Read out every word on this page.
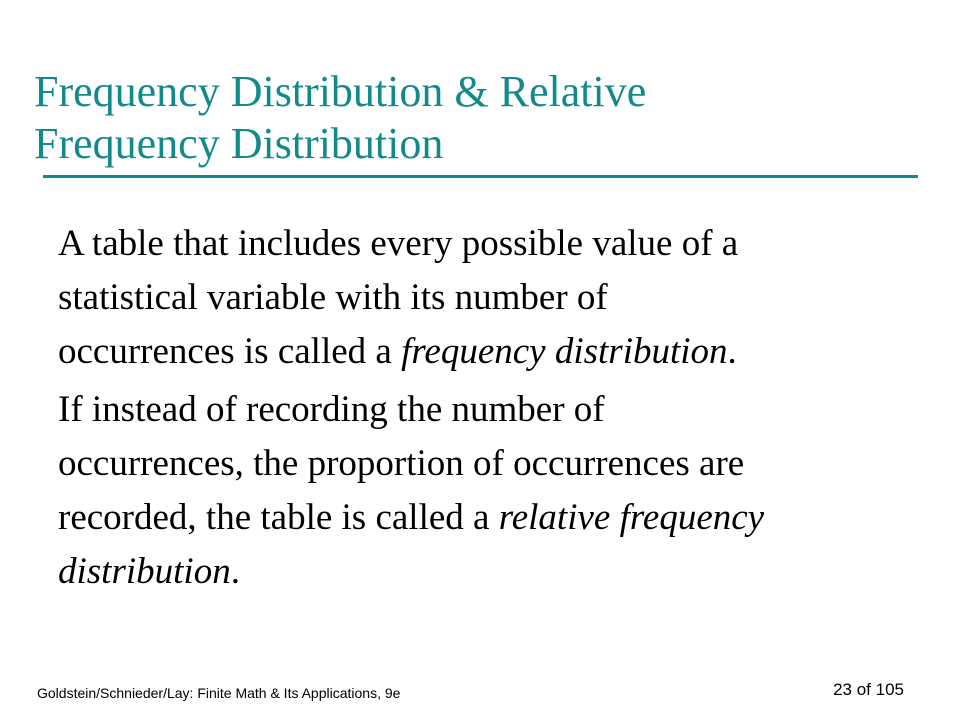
Frequency Distribution & Relative
Frequency Distribution

A table that includes every possible value of a
statistical variable with its number of
occurrences is called a frequency distribution.

If instead of recording the number of
occurrences, the proportion of occurrences are
recorded, the table is called a relative frequency
distribution.

Goldstein/Schnieder/Lay: Finite Math & Its Applications, 9e	23 of 105
